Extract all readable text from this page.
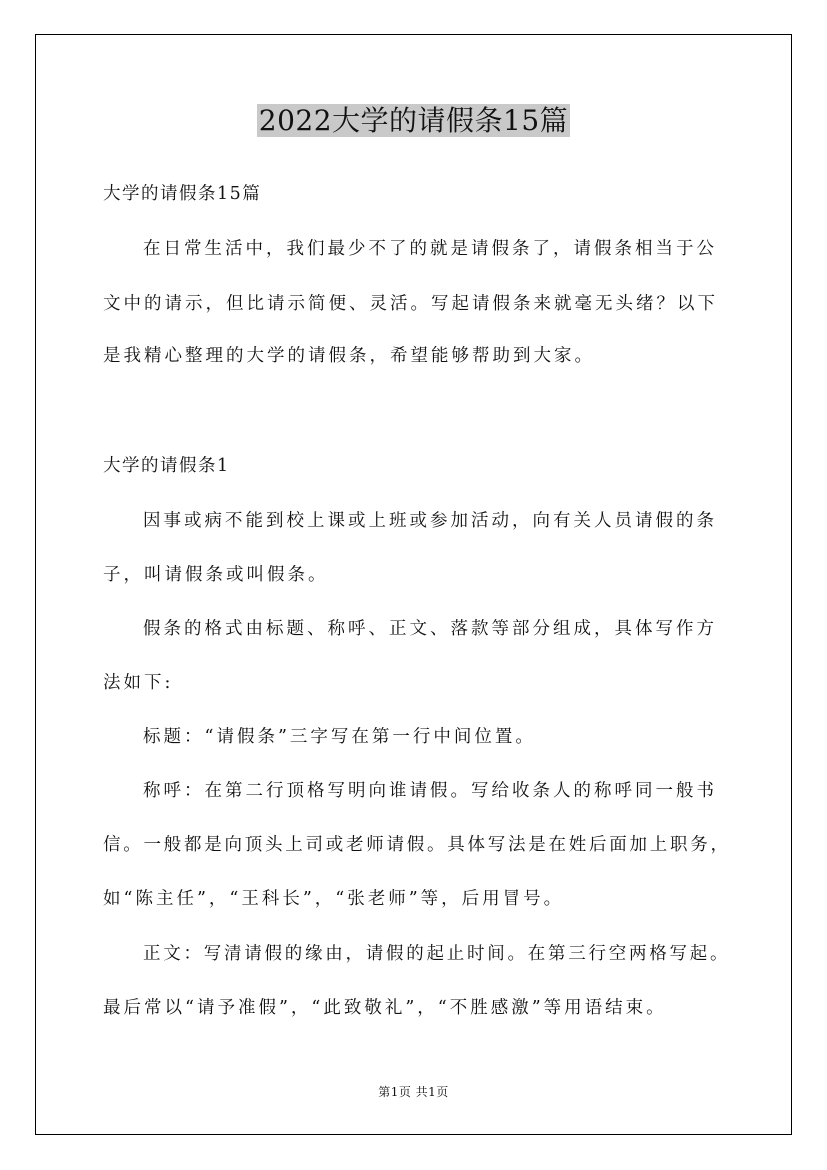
2022大学的请假条15篇
大学的请假条15篇
在日常生活中，我们最少不了的就是请假条了，请假条相当于公
文中的请示，但比请示简便、灵活。写起请假条来就毫无头绪？以下
是我精心整理的大学的请假条，希望能够帮助到大家。
大学的请假条1
因事或病不能到校上课或上班或参加活动，向有关人员请假的条
子，叫请假条或叫假条。
假条的格式由标题、称呼、正文、落款等部分组成，具体写作方
法如下:
标题：“请假条”三字写在第一行中间位置。
称呼：在第二行顶格写明向谁请假。写给收条人的称呼同一般书
信。一般都是向顶头上司或老师请假。具体写法是在姓后面加上职务，
如“陈主任”，“王科长”，“张老师”等，后用冒号。
正文：写清请假的缘由，请假的起止时间。在第三行空两格写起。
最后常以“请予准假”，“此致敬礼”，“不胜感激”等用语结束。
第1页 共1页
